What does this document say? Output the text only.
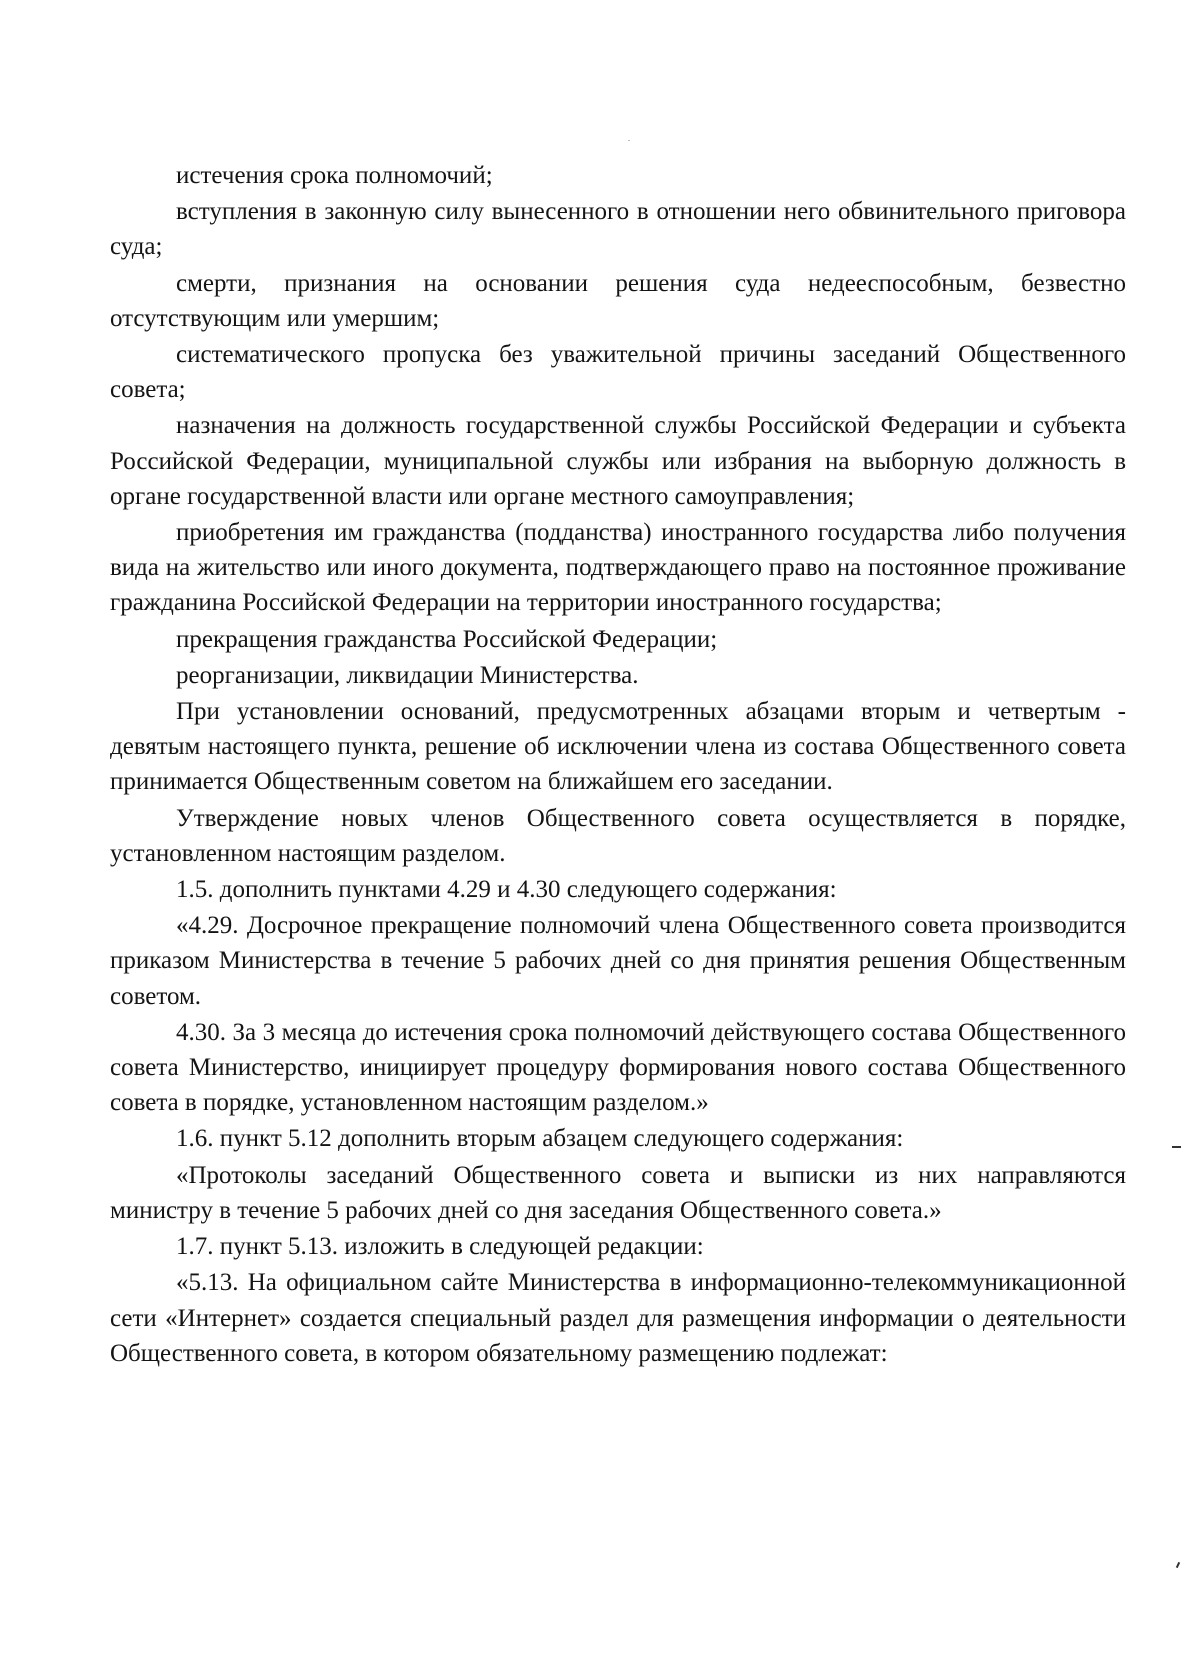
истечения срока полномочий;

вступления в законную силу вынесенного в отношении него обвинительного приговора суда;

смерти, признания на основании решения суда недееспособным, безвестно отсутствующим или умершим;

систематического пропуска без уважительной причины заседаний Общественного совета;

назначения на должность государственной службы Российской Федерации и субъекта Российской Федерации, муниципальной службы или избрания на выборную должность в органе государственной власти или органе местного самоуправления;

приобретения им гражданства (подданства) иностранного государства либо получения вида на жительство или иного документа, подтверждающего право на постоянное проживание гражданина Российской Федерации на территории иностранного государства;

прекращения гражданства Российской Федерации;

реорганизации, ликвидации Министерства.

При установлении оснований, предусмотренных абзацами вторым и четвертым - девятым настоящего пункта, решение об исключении члена из состава Общественного совета принимается Общественным советом на ближайшем его заседании.

Утверждение новых членов Общественного совета осуществляется в порядке, установленном настоящим разделом.

1.5. дополнить пунктами 4.29 и 4.30 следующего содержания:

«4.29. Досрочное прекращение полномочий члена Общественного совета производится приказом Министерства в течение 5 рабочих дней со дня принятия решения Общественным советом.

4.30. За 3 месяца до истечения срока полномочий действующего состава Общественного совета Министерство, инициирует процедуру формирования нового состава Общественного совета в порядке, установленном настоящим разделом.»

1.6. пункт 5.12 дополнить вторым абзацем следующего содержания:

«Протоколы заседаний Общественного совета и выписки из них направляются министру в течение 5 рабочих дней со дня заседания Общественного совета.»

1.7. пункт 5.13. изложить в следующей редакции:

«5.13. На официальном сайте Министерства в информационно-телекоммуникационной сети «Интернет» создается специальный раздел для размещения информации о деятельности Общественного совета, в котором обязательному размещению подлежат:
